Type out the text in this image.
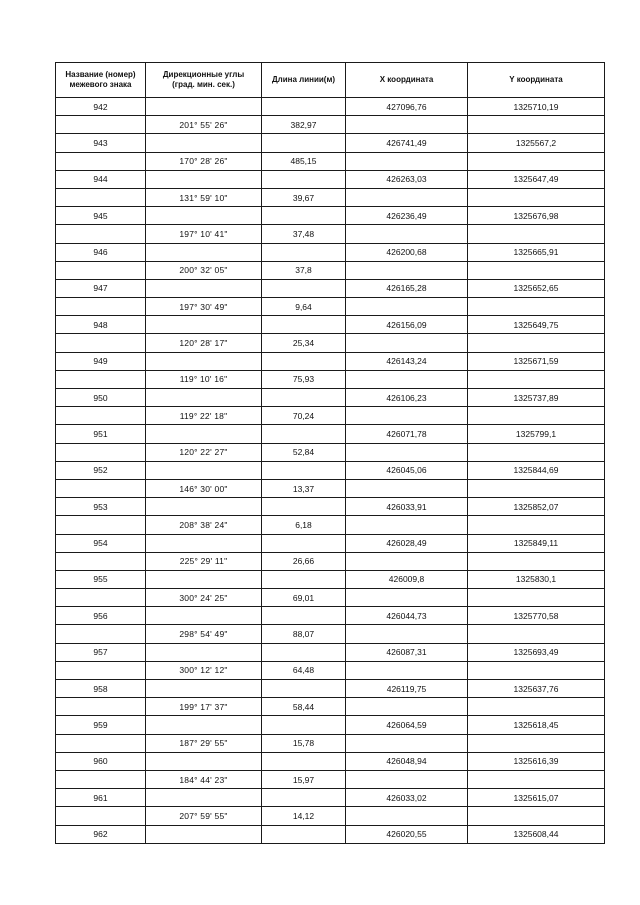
Название (номер)
межевого знака	Дирекционные углы
(град. мин. сек.)	Длина линии(м)	X координата	Y координата

942			427096,76	1325710,19
	201° 55' 26"	382,97		
943			426741,49	1325567,2
	170° 28' 26"	485,15		
944			426263,03	1325647,49
	131° 59' 10"	39,67		
945			426236,49	1325676,98
	197° 10' 41"	37,48		
946			426200,68	1325665,91
	200° 32' 05"	37,8		
947			426165,28	1325652,65
	197° 30' 49"	9,64		
948			426156,09	1325649,75
	120° 28' 17"	25,34		
949			426143,24	1325671,59
	119° 10' 16"	75,93		
950			426106,23	1325737,89
	119° 22' 18"	70,24		
951			426071,78	1325799,1
	120° 22' 27"	52,84		
952			426045,06	1325844,69
	146° 30' 00"	13,37		
953			426033,91	1325852,07
	208° 38' 24"	6,18		
954			426028,49	1325849,11
	225° 29' 11"	26,66		
955			426009,8	1325830,1
	300° 24' 25"	69,01		
956			426044,73	1325770,58
	298° 54' 49"	88,07		
957			426087,31	1325693,49
	300° 12' 12"	64,48		
958			426119,75	1325637,76
	199° 17' 37"	58,44		
959			426064,59	1325618,45
	187° 29' 55"	15,78		
960			426048,94	1325616,39
	184° 44' 23"	15,97		
961			426033,02	1325615,07
	207° 59' 55"	14,12		
962			426020,55	1325608,44
